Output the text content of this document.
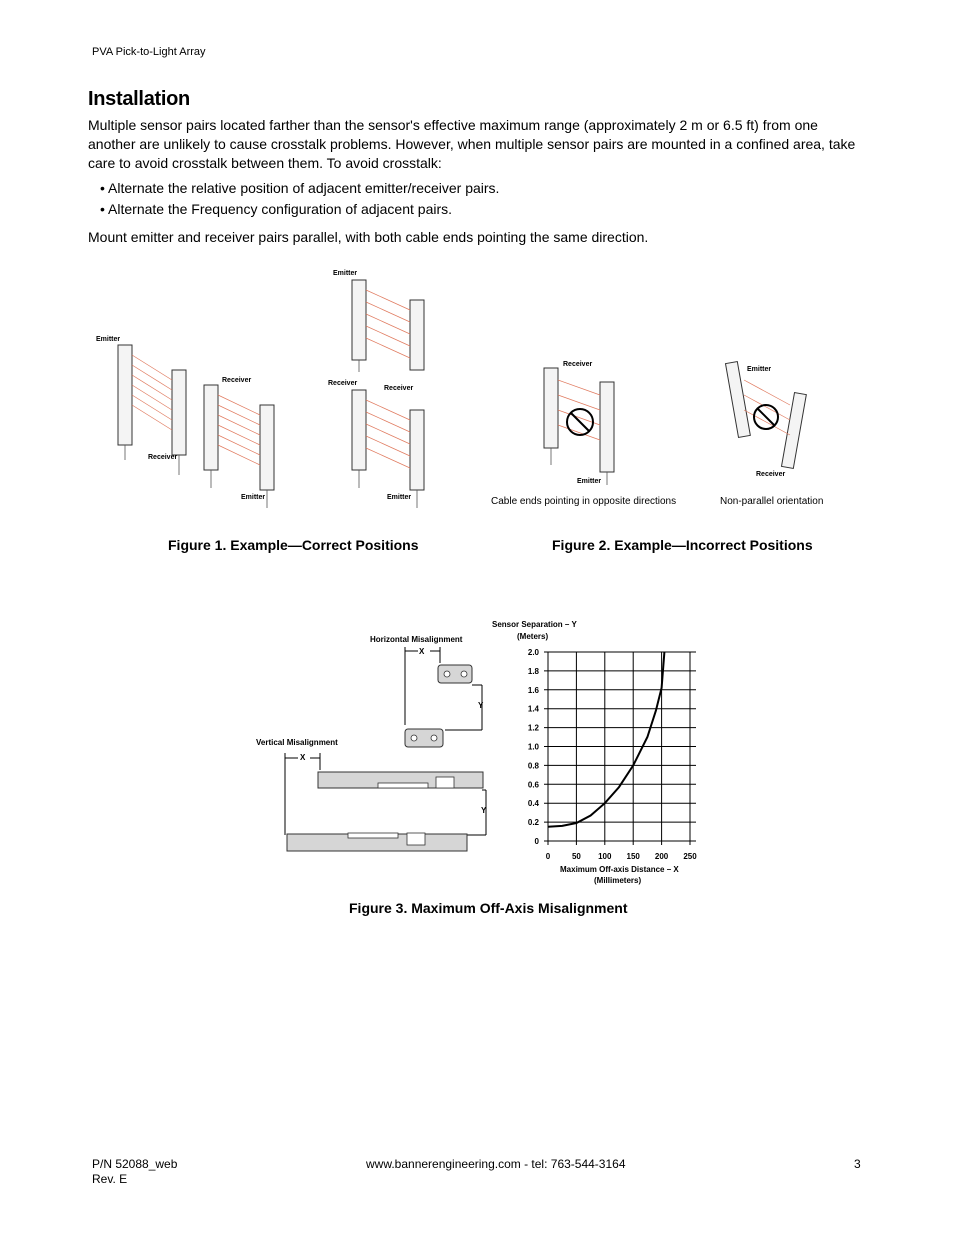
PVA Pick-to-Light Array
Installation
Multiple sensor pairs located farther than the sensor's effective maximum range (approximately 2 m or 6.5 ft) from one another are unlikely to cause crosstalk problems. However, when multiple sensor pairs are mounted in a confined area, take care to avoid crosstalk between them. To avoid crosstalk:
• Alternate the relative position of adjacent emitter/receiver pairs.
• Alternate the Frequency configuration of adjacent pairs.
Mount emitter and receiver pairs parallel, with both cable ends pointing the same direction.
Emitter
Receiver
Receiver
Emitter
Emitter
Receiver
Receiver
Emitter
Receiver
Emitter
Emitter
Receiver
Cable ends pointing in opposite directions	Non-parallel orientation
Figure 1. Example—Correct Positions	Figure 2. Example—Incorrect Positions
Horizontal Misalignment
Vertical Misalignment
X
Y
X
Y
Sensor Separation – Y
(Meters)
Maximum Off-axis Distance – X
(Millimeters)
0	50 100 150 200 250
0
0.2
0.4
0.6
0.8
1.0
1.2
1.4
1.6
1.8
2.0
Figure 3. Maximum Off-Axis Misalignment
P/N 52088_web
Rev. E
www.bannerengineering.com - tel: 763-544-3164	3
